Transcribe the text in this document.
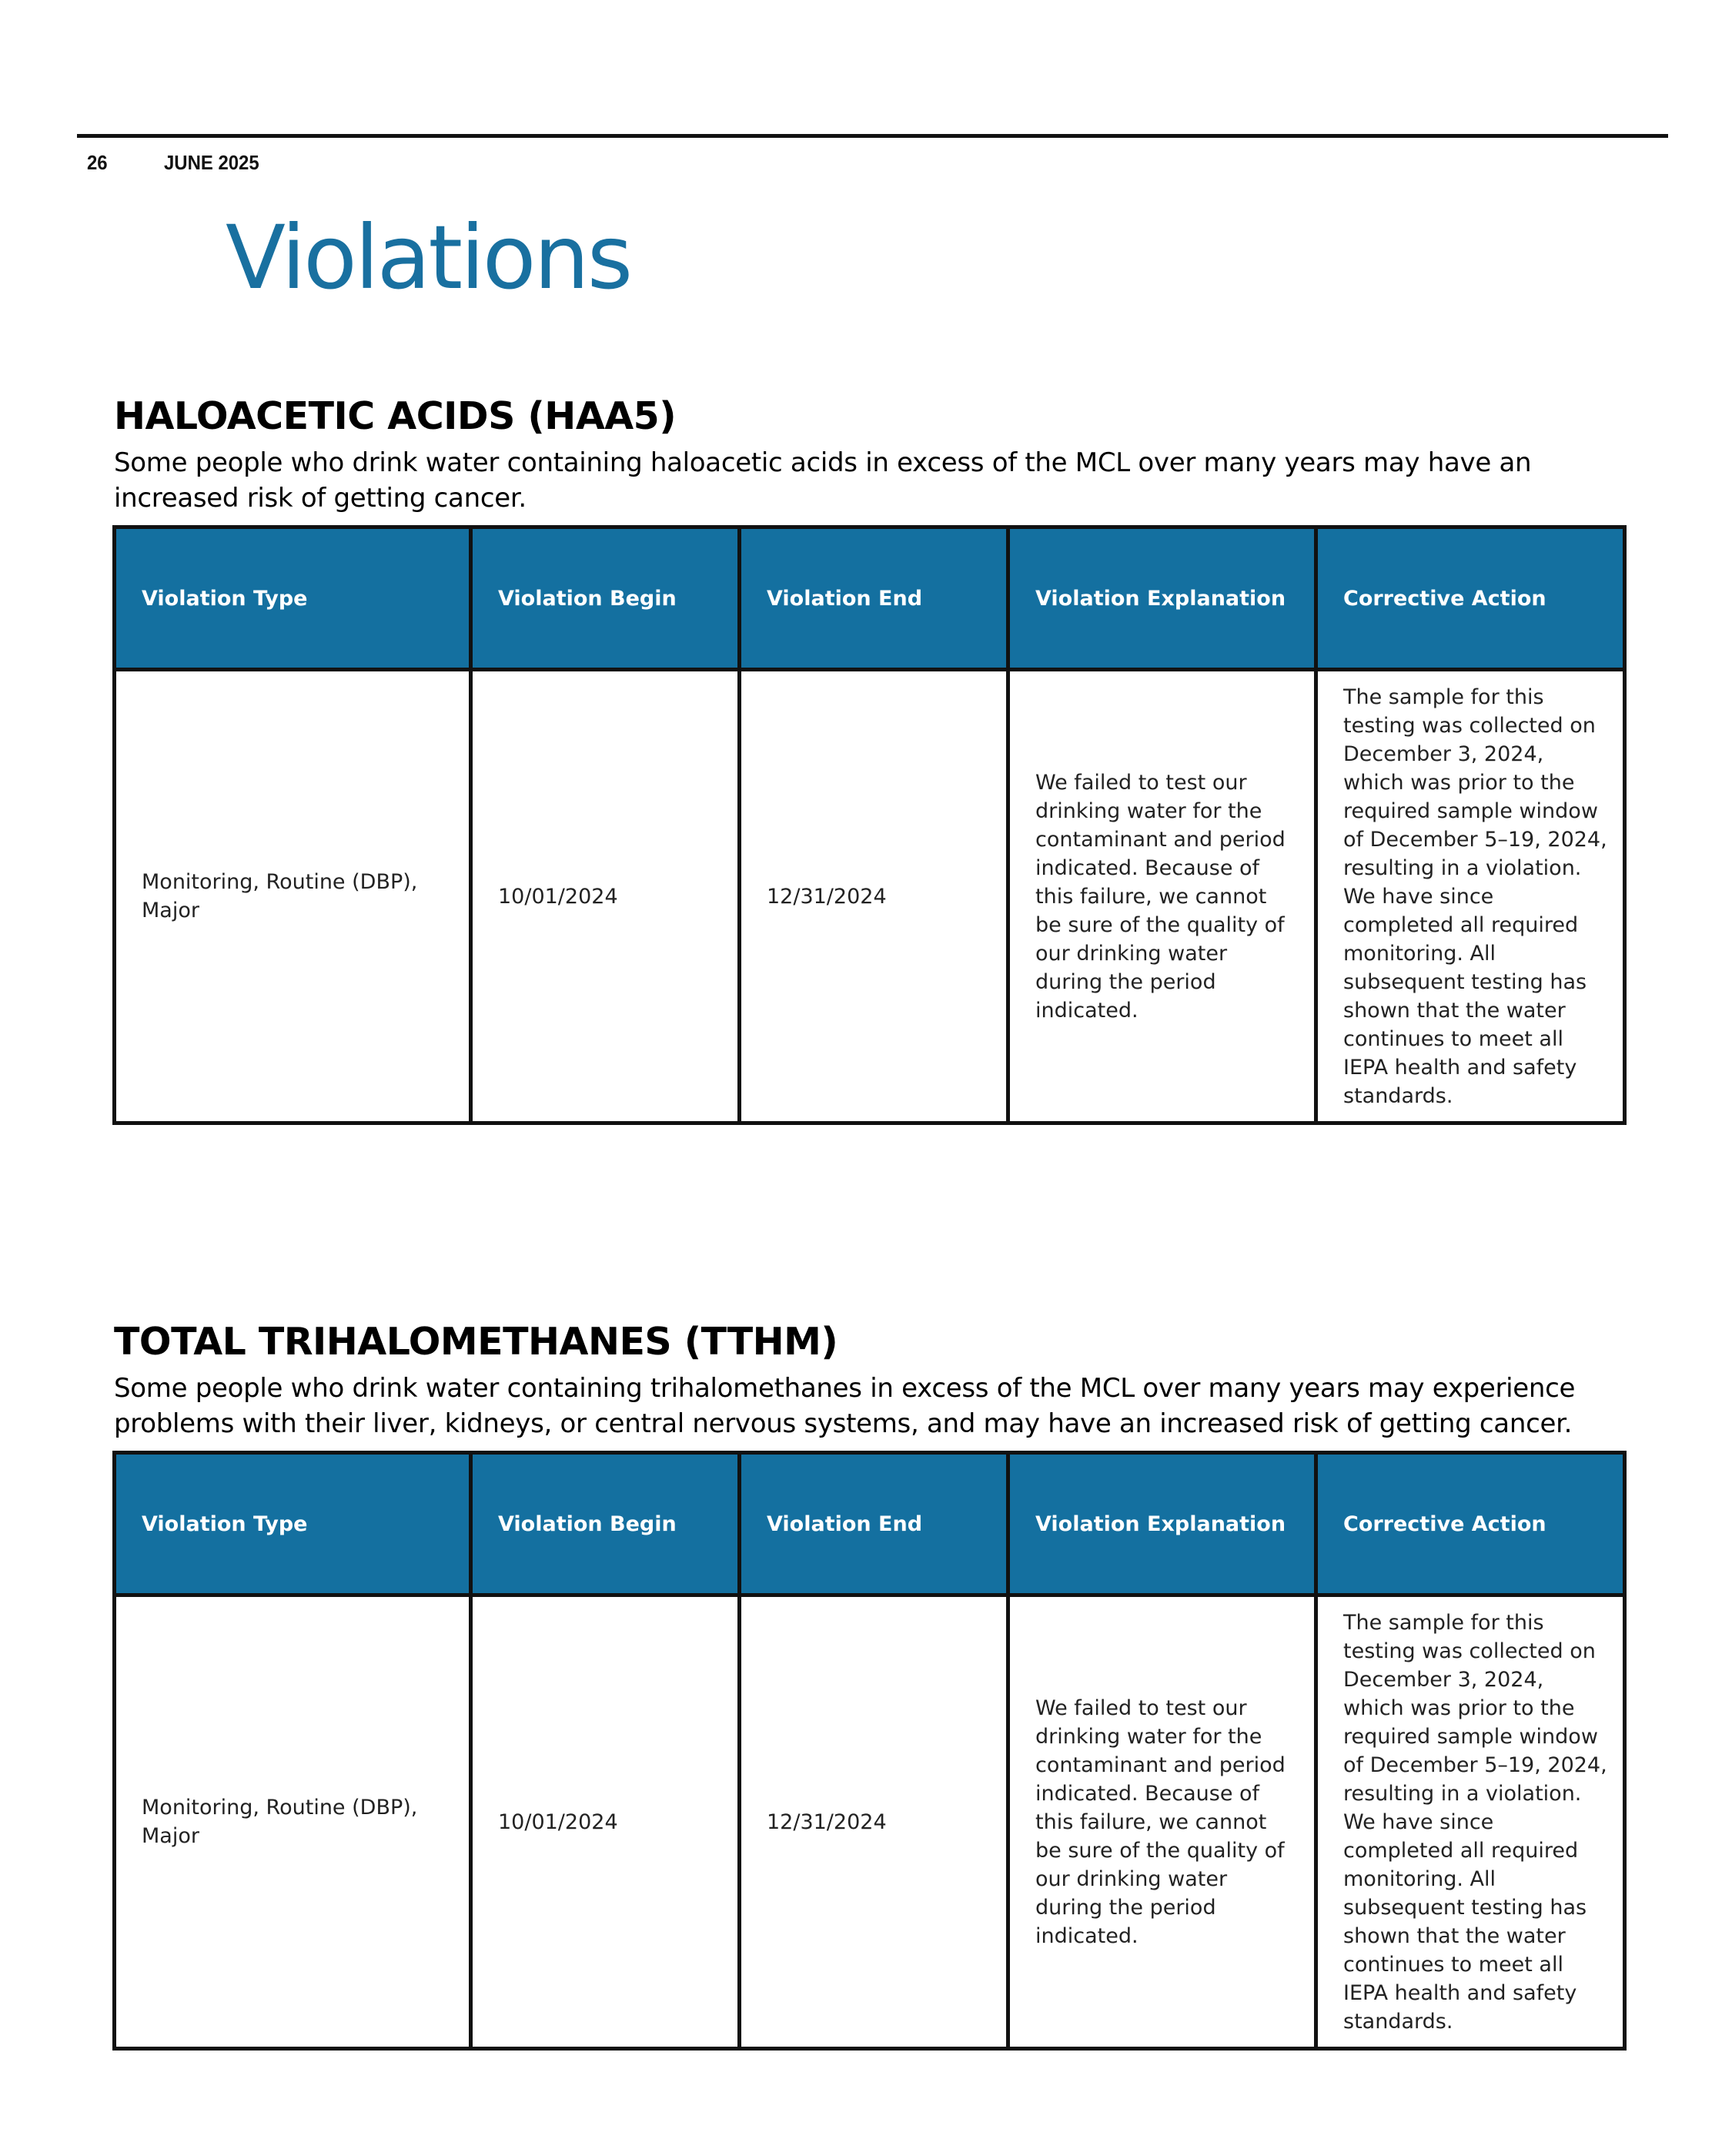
26	JUNE 2025
Violations
HALOACETIC ACIDS (HAA5)

Some people who drink water containing haloacetic acids in excess of the MCL over many years may have an increased risk of getting cancer.

Violation Type	Violation Begin	Violation End	Violation Explanation	Corrective Action
Monitoring, Routine (DBP), Major	10/01/2024	12/31/2024	We failed to test our drinking water for the contaminant and period indicated. Because of this failure, we cannot be sure of the quality of our drinking water during the period indicated.	The sample for this testing was collected on December 3, 2024, which was prior to the required sample window of December 5–19, 2024, resulting in a violation. We have since completed all required monitoring. All subsequent testing has shown that the water continues to meet all IEPA health and safety standards.
TOTAL TRIHALOMETHANES (TTHM)

Some people who drink water containing trihalomethanes in excess of the MCL over many years may experience problems with their liver, kidneys, or central nervous systems, and may have an increased risk of getting cancer.

Violation Type	Violation Begin	Violation End	Violation Explanation	Corrective Action
Monitoring, Routine (DBP), Major	10/01/2024	12/31/2024	We failed to test our drinking water for the contaminant and period indicated. Because of this failure, we cannot be sure of the quality of our drinking water during the period indicated.	The sample for this testing was collected on December 3, 2024, which was prior to the required sample window of December 5–19, 2024, resulting in a violation. We have since completed all required monitoring. All subsequent testing has shown that the water continues to meet all IEPA health and safety standards.
